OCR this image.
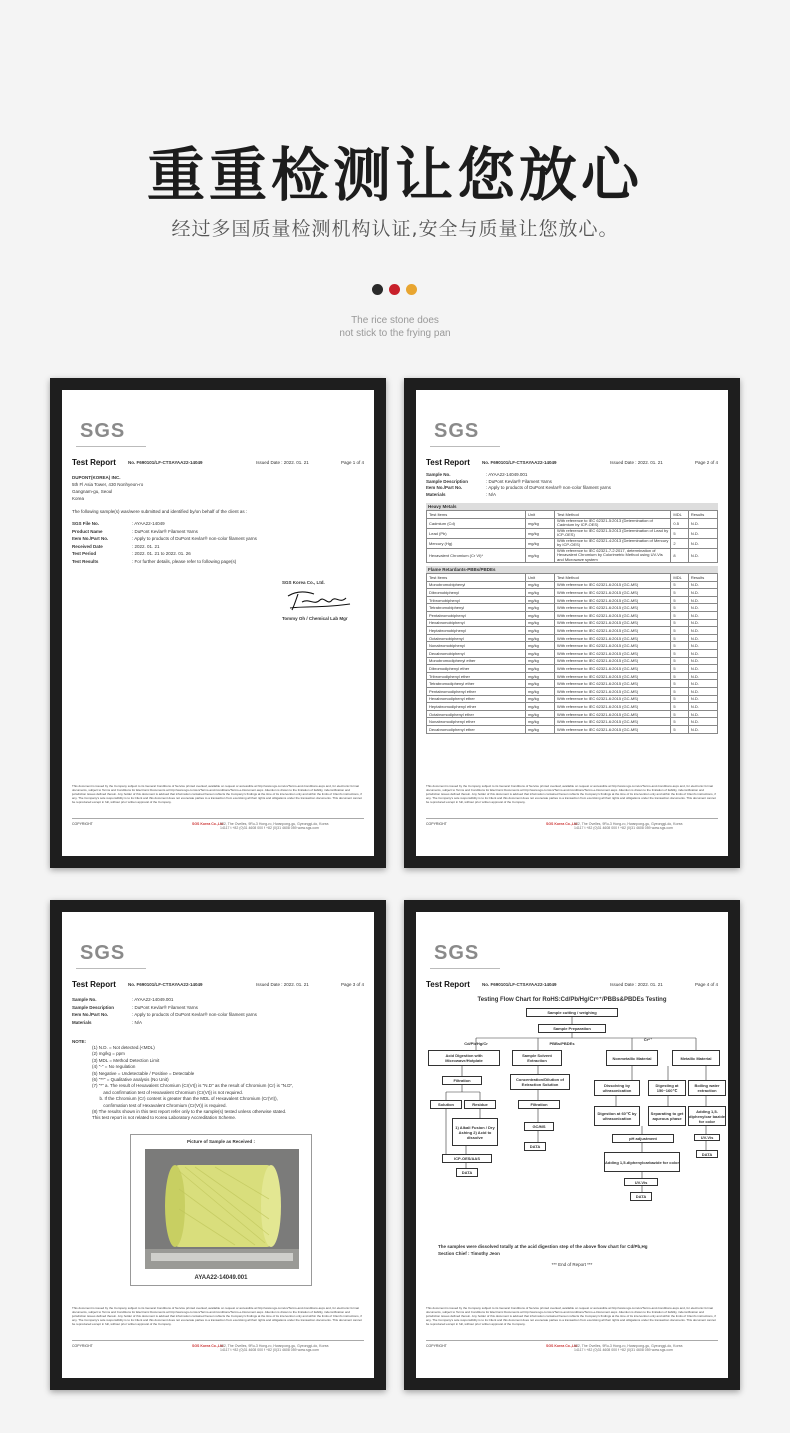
重重检测让您放心
经过多国质量检测机构认证,安全与质量让您放心。
The rice stone does
not stick to the frying pan
SGS
Test Report	No. F690101/LF-CTSAYAA22-14049	Issued Date : 2022. 01. 21	Page 1 of 4
DUPONT(KOREA) INC.
5th Fl Asia Tower, 430 Nonhyeon-ro
Gangnam-gu, Seoul
Korea
The following sample(s) was/were submitted and identified by/on behalf of the client as :
SGS File No.	: AYAA22-14049
Product Name	: DuPont Kevlar® Filament Yarns
Item No./Part No.	: Apply to products of DuPont Kevlar® non-color filament yarns
Received Date	: 2022. 01. 21
Test Period	: 2022. 01. 21 to 2022. 01. 26
Test Results	: For further details, please refer to following page(s)
SGS Korea Co., Ltd.
Tommy Oh / Chemical Lab Mgr
This document is issued by the Company subject to its General Conditions of Service printed overleaf, available on request or accessible at http://www.sgs.com/en/Terms-and-Conditions.aspx and, for electronic format documents, subject to Terms and Conditions for Electronic Documents at http://www.sgs.com/en/Terms-and-Conditions/Terms-e-Document.aspx. Attention is drawn to the limitation of liability, indemnification and jurisdiction issues defined therein. Any holder of this document is advised that information contained hereon reflects the Company's findings at the time of its intervention only and within the limits of Client's instructions, if any. The Company's sole responsibility is to its Client and this document does not exonerate parties to a transaction from exercising all their rights and obligations under the transaction documents. This document cannot be reproduced except in full, without prior written approval of the Company.
COPYRIGHT	SGS Korea Co.,Ltd.
322, The Ovelles, 9Ru-3 Hong-ro, Hwanpong-gu, Gyeonggi-do, Korea 14117 t +82 (0)31 4608 000 f +82 (0)31 4608 059 www.sgs.com
SGS
Test Report	No. F690101/LF-CTSAYAA22-14049	Issued Date : 2022. 01. 21	Page 2 of 4
Sample No.	: AYAA22-14049.001
Sample Description	: DuPont Kevlar® Filament Yarns
Item No./Part No.	: Apply to products of DuPont Kevlar® non-color filament yarns
Materials	: N/A
Heavy Metals
Test Items	Unit	Test Method	MDL	Results
Cadmium (Cd)	mg/kg	With reference to IEC 62321-5:2013 (Determination of Cadmium by ICP-OES)	0.5	N.D.
Lead (Pb)	mg/kg	With reference to IEC 62321-5:2013 (Determination of Lead by ICP-OES)	5	N.D.
Mercury (Hg)	mg/kg	With reference to IEC 62321-4:2013 (Determination of Mercury by ICP-OES)	2	N.D.
Hexavalent Chromium (Cr VI)*	mg/kg	With reference to IEC 62321-7-2:2017, determination of Hexavalent Chromium by Colorimetric Method using UV-Vis and Microwave system	8	N.D.
Flame Retardants-PBBs/PBDEs
Test Items	Unit	Test Method	MDL	Results
Monobromobiphenyl	mg/kg	With reference to IEC 62321-6:2015 (GC-MS)	5	N.D.
Dibromobiphenyl	mg/kg	With reference to IEC 62321-6:2015 (GC-MS)	5	N.D.
Tribromobiphenyl	mg/kg	With reference to IEC 62321-6:2015 (GC-MS)	5	N.D.
Tetrabromobiphenyl	mg/kg	With reference to IEC 62321-6:2015 (GC-MS)	5	N.D.
Pentabromobiphenyl	mg/kg	With reference to IEC 62321-6:2015 (GC-MS)	5	N.D.
Hexabromobiphenyl	mg/kg	With reference to IEC 62321-6:2015 (GC-MS)	5	N.D.
Heptabromobiphenyl	mg/kg	With reference to IEC 62321-6:2015 (GC-MS)	5	N.D.
Octabromobiphenyl	mg/kg	With reference to IEC 62321-6:2015 (GC-MS)	5	N.D.
Nonabromobiphenyl	mg/kg	With reference to IEC 62321-6:2015 (GC-MS)	5	N.D.
Decabromobiphenyl	mg/kg	With reference to IEC 62321-6:2015 (GC-MS)	5	N.D.
Monobromodiphenyl ether	mg/kg	With reference to IEC 62321-6:2015 (GC-MS)	5	N.D.
Dibromodiphenyl ether	mg/kg	With reference to IEC 62321-6:2015 (GC-MS)	5	N.D.
Tribromodiphenyl ether	mg/kg	With reference to IEC 62321-6:2015 (GC-MS)	5	N.D.
Tetrabromodiphenyl ether	mg/kg	With reference to IEC 62321-6:2015 (GC-MS)	5	N.D.
Pentabromodiphenyl ether	mg/kg	With reference to IEC 62321-6:2015 (GC-MS)	5	N.D.
Hexabromodiphenyl ether	mg/kg	With reference to IEC 62321-6:2015 (GC-MS)	5	N.D.
Heptabromodiphenyl ether	mg/kg	With reference to IEC 62321-6:2015 (GC-MS)	5	N.D.
Octabromodiphenyl ether	mg/kg	With reference to IEC 62321-6:2015 (GC-MS)	5	N.D.
Nonabromodiphenyl ether	mg/kg	With reference to IEC 62321-6:2015 (GC-MS)	5	N.D.
Decabromodiphenyl ether	mg/kg	With reference to IEC 62321-6:2015 (GC-MS)	5	N.D.
This document is issued by the Company subject to its General Conditions of Service printed overleaf, available on request or accessible at http://www.sgs.com/en/Terms-and-Conditions.aspx and, for electronic format documents, subject to Terms and Conditions for Electronic Documents at http://www.sgs.com/en/Terms-and-Conditions/Terms-e-Document.aspx. Attention is drawn to the limitation of liability, indemnification and jurisdiction issues defined therein. Any holder of this document is advised that information contained hereon reflects the Company's findings at the time of its intervention only and within the limits of Client's instructions, if any. The Company's sole responsibility is to its Client and this document does not exonerate parties to a transaction from exercising all their rights and obligations under the transaction documents. This document cannot be reproduced except in full, without prior written approval of the Company.
COPYRIGHT	SGS Korea Co.,Ltd.
322, The Ovelles, 9Ru-3 Hong-ro, Hwanpong-gu, Gyeonggi-do, Korea 14117 t +82 (0)31 4608 000 f +82 (0)31 4608 059 www.sgs.com
SGS
Test Report	No. F690101/LF-CTSAYAA22-14049	Issued Date : 2022. 01. 21	Page 3 of 4
Sample No.	: AYAA22-14049.001
Sample Description	: DuPont Kevlar® Filament Yarns
Item No./Part No.	: Apply to products of DuPont Kevlar® non-color filament yarns
Materials	: N/A
NOTE:
(1) N.D. = Not detected.(<MDL)
(2) mg/kg = ppm
(3) MDL = Method Detection Limit
(4) "-" = No regulation
(5) Negative = Undetectable / Positive = Detectable
(6) "**" = Qualitative analysis (No Unit)
(7) "*" a. The result of Hexavalent Chromium (Cr(VI)) is "N.D" as the result of Chromium (Cr) is "N.D",
and confirmation test of Hexavalent Chromium (Cr(VI)) is not required.
b. If the Chromium (Cr) content is greater than the MDL of Hexavalent Chromium (Cr(VI)),
confirmation test of Hexavalent Chromium (Cr(VI)) is required.
(8) The results shown in this test report refer only to the sample(s) tested unless otherwise stated.
This test report is not related to Korea Laboratory Accreditation Scheme.
Picture of Sample as Received :
AYAA22-14049.001
This document is issued by the Company subject to its General Conditions of Service printed overleaf, available on request or accessible at http://www.sgs.com/en/Terms-and-Conditions.aspx and, for electronic format documents, subject to Terms and Conditions for Electronic Documents at http://www.sgs.com/en/Terms-and-Conditions/Terms-e-Document.aspx. Attention is drawn to the limitation of liability, indemnification and jurisdiction issues defined therein. Any holder of this document is advised that information contained hereon reflects the Company's findings at the time of its intervention only and within the limits of Client's instructions, if any. The Company's sole responsibility is to its Client and this document does not exonerate parties to a transaction from exercising all their rights and obligations under the transaction documents. This document cannot be reproduced except in full, without prior written approval of the Company.
COPYRIGHT	SGS Korea Co.,Ltd.
322, The Ovelles, 9Ru-3 Hong-ro, Hwanpong-gu, Gyeonggi-do, Korea 14117 t +82 (0)31 4608 000 f +82 (0)31 4608 059 www.sgs.com
SGS
Test Report	No. F690101/LF-CTSAYAA22-14049	Issued Date : 2022. 01. 21	Page 4 of 4
Testing Flow Chart for RoHS:Cd/Pb/Hg/Cr⁶⁺/PBBs&PBDEs Testing
Sample cutting / weighing
Sample Preparation
Cd/Pb/Hg/Cr	PBBs/PBDEs
Cr⁶⁺
Acid Digestion with Microwave/Hotplate
Sample Solvent Extraction	Nonmetallic Material	Metallic Material
Filtration	Concentration/Dilution of Extraction Solution	Dissolving by ultrasonication
Digesting at 150~160℃
Boiling water extraction
Solution	Residue	Filtration
Digestion at 60℃ by ultrasonication
Separating to get aqueous phase
Adding 1,5-diphenylcar bazide for color
1) Alkali Fusion / Dry Ashing 2) Acid to dissolve
GC/MS
pH adjustment	UV-Vis
DATA
DATA
Adding 1,5-diphenylcarbazide for color
ICP-OES/AAS
UV-Vis
DATA
DATA
The samples were dissolved totally at the acid digestion step of the above flow chart for Cd/Pb,Hg
Section Chief : Timothy Jeon
*** End of Report ***
This document is issued by the Company subject to its General Conditions of Service printed overleaf, available on request or accessible at http://www.sgs.com/en/Terms-and-Conditions.aspx and, for electronic format documents, subject to Terms and Conditions for Electronic Documents at http://www.sgs.com/en/Terms-and-Conditions/Terms-e-Document.aspx. Attention is drawn to the limitation of liability, indemnification and jurisdiction issues defined therein. Any holder of this document is advised that information contained hereon reflects the Company's findings at the time of its intervention only and within the limits of Client's instructions, if any. The Company's sole responsibility is to its Client and this document does not exonerate parties to a transaction from exercising all their rights and obligations under the transaction documents. This document cannot be reproduced except in full, without prior written approval of the Company.
COPYRIGHT	SGS Korea Co.,Ltd.
322, The Ovelles, 9Ru-3 Hong-ro, Hwanpong-gu, Gyeonggi-do, Korea 14117 t +82 (0)31 4608 000 f +82 (0)31 4608 059 www.sgs.com
